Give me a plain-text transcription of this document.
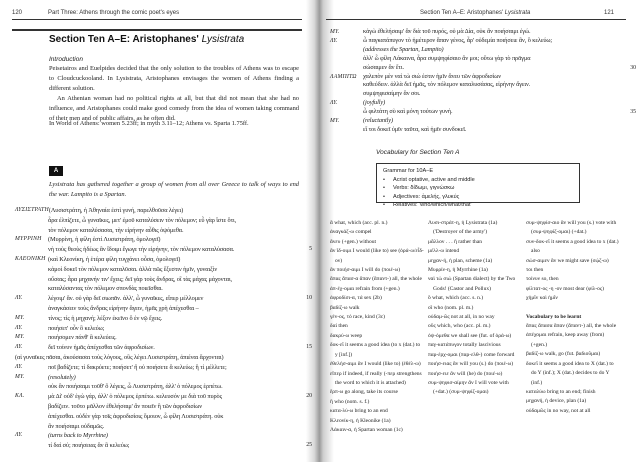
120	Part Three: Athens through the comic poet's eyes
Section Ten A–E: Aristophanes' Lysistrata
Introduction

Peisetairos and Euelpides decided that the only solution to the troubles of Athens was to escape to Cloudcuckooland. In Lysistrata, Aristophanes envisages the women of Athens finding a different solution.

An Athenian woman had no political rights at all, but that did not mean that she had no influence, and Aristophanes could make good comedy from the idea of women taking command of their men and of public affairs, as he often did.

In World of Athens: women 5.23ff; in myth 3.11–12; Athens vs. Sparta 1.75ff.
A
Lysistrata has gathered together a group of women from all over Greece to talk of ways to end the war. Lampito is a Spartan.
ΛΥΣΙΣΤΡΑΤΗ (Λυσιστράτη, ἡ Ἀθηναία ἐστὶ γυνή, παρελθοῦσα λέγει)
ἆρα ἐλπίζετε, ὦ γυναῖκες, μετ' ἐμοῦ καταλύσειν τὸν πόλεμον; εὖ γὰρ ἴστε ὅτι,
τὸν πόλεμον καταλύσασαι, τὴν εἰρήνην αὖθις ὀψόμεθα.
ΜΥΡΡΙΝΗ	(Μυρρίνη, ἡ φίλη ἐστὶ Λυσιστράτη, ὁμολογεῖ)
νὴ τοὺς θεοὺς ἡδέως ἂν ἴδοιμι ἔγωγε τὴν εἰρήνην, τὸν πόλεμον καταλύσασα.	5
ΚΛΕΟΝΙΚΗ (καὶ Κλεονίκη, ἡ ἑτέρα φίλη τυγχάνει οὖσα, ὁμολογεῖ)
κἀμοὶ δοκεῖ τὸν πόλεμον καταλῦσαι. ἀλλὰ πῶς ἔξεστιν ἡμῖν, γυναιξὶν
οὔσαις; ἆρα μηχανήν τιν' ἔχεις; δεῖ γὰρ τοὺς ἄνδρας, οἳ τὰς μάχας μάχονται,
καταλύσαντας τὸν πόλεμον σπονδὰς ποιεῖσθαι.
ΛΥ.	λέγοιμ' ἄν. οὐ γὰρ δεῖ σιωπᾶν. ἀλλ', ὦ γυναῖκες, εἴπερ μέλλομεν	10
ἀναγκάσειν τοὺς ἄνδρας εἰρήνην ἄγειν, ἡμᾶς χρὴ ἀπέχεσθαι –
ΜΥ.	τίνος; τίς ἡ μηχανή; λέξον ἐκεῖνο ὃ ἐν νῷ ἔχεις.
ΛΥ.	ποιήσετ' οὖν ὃ κελεύω;
ΜΥ.	ποιήσομεν πάνθ' ἃ κελεύεις.
ΛΥ.	δεῖ τοίνυν ἡμᾶς ἀπέχεσθαι τῶν ἀφροδισίων.	15
(αἱ γυναῖκες πᾶσαι, ἀκούσασαι τοὺς λόγους, οὓς λέγει Λυσιστράτη, ἀπιέναι ἄρχονται)
ΛΥ.	ποῖ βαδίζετε; τί δακρύετε; ποιήσετ' ἢ οὐ ποιήσετε ἃ κελεύω; ἢ τί μέλλετε;
ΜΥ.	(resolutely)
οὐκ ἂν ποιήσαιμι τοῦθ' ὃ λέγεις, ὦ Λυσιστράτη, ἀλλ' ὁ πόλεμος ἑρπέτω.
ΚΛ.	μὰ Δί' οὐδ' ἐγὼ γάρ, ἀλλ' ὁ πόλεμος ἑρπέτω. κελευσόν με διὰ τοῦ πυρὸς	20
βαδίζειν. τοῦτο μᾶλλον ἐθελήσαιμ' ἂν ποιεῖν ἢ τῶν ἀφροδισίων
ἀπέχεσθαι. οὐδὲν γὰρ τοῖς ἀφροδισίοις ὅμοιον, ὦ φίλη Λυσιστράτη. οὐκ
ἂν ποιήσαιμι οὐδαμῶς.
ΛΥ.	(turns back to Myrrhine)
τί δαὶ σύ; ποιήσειας ἂν ἃ κελεύω;	25
Section Ten A–E: Aristophanes' Lysistrata	121
ΜΥ.	κἀγὼ ἐθελήσαιμ' ἂν διὰ τοῦ πυρός, οὐ μὰ Δία, οὐκ ἂν ποιήσαιμι ἐγώ.
ΛΥ.	ὦ παγκατάπυγον τὸ ἡμέτερον ἅπαν γένος, ἆρ' οὐδεμία ποιήσειε ἂν, ὃ κελεύω;
(addresses the Spartan, Lampito)
ἀλλ' ὦ φίλη Λάκαινα, ἆρα συμψηφίσαιο ἂν μοι; οὕτω γὰρ τὸ πρᾶγμα
σώσαιμεν ἂν ἔτι.	30
ΛΑΜΠΙΤΩ χαλεπὸν μὲν ναὶ τὼ σιὼ ἐστιν ἡμῖν ἄνευ τῶν ἀφροδισίων
καθεύδειν. ἀλλὰ δεῖ ἡμᾶς, τὸν πόλεμον καταλυσάσας, εἰρήνην ἄγειν.
συμψηφισαίμην ἂν σοι.
ΛΥ.	(joyfully)
ὦ φιλτάτη σὺ καὶ μόνη τούτων γυνή.	35
ΜΥ.	(reluctantly)
εἴ τοι δοκεῖ ὑμῖν ταῦτα, καὶ ἡμῖν συνδοκεῖ.
Vocabulary for Section Ten A
Grammar for 10A–E
• Acrist optative, active and middle
• Verbs: δίδωμι, γιγνώσκω
• Adjectives: ἀμελής, γλυκύς
• Relatives: 'who/which/what/that'
ἃ what, which (acc. pl. n.)
ἀναγκάζ-ω compel
ἄνευ (+gen.) without
ἂν ἴδ-οιμι I would (like to) see (ὁρά-ω/εἶδ-ον)
ἂν ποιήσ-αιμι I will do (ποιέ-ω)
ἅπας ἅπασ-α ἅπαν (ἅπαντ-) all, the whole
ἀπ-έχ-ομαι refrain from (+gen.)
ἀφροδίσι-α, τά sex (2b)
βαδίζ-ω walk
γέν-ος, τό race, kind (3c)
δαί then
δακρύ-ω weep
δοκ-εῖ it seems a good idea (to x (dat.) to y [inf.])
ἐθελήσ-αιμι ἂν I would (like to) (ἐθέλ-ω)
εἴπερ if indeed, if really (-περ strengthens the word to which it is attached)
ἕρπ-ω go along, take its course
ἣ who (nom. s. f.)
κατα-λύ-ω bring to an end
Κλεονίκ-η, ἡ Kleonike (1a)
Λάκαιν-α, ἡ Spartan woman (1c)
Λυσι-στράτ-η, ἡ Lysistrata (1a) ('Destroyer of the army')
μᾶλλον . . . ἢ rather than
μέλλ-ω intend
μηχαν-ή, ἡ plan, scheme (1a)
Μυρρίν-η, ἡ Myrrhine (1a)
ναὶ τὼ σιώ (Spartan dialect) by the Two Gods! (Castor and Pollux)
ὃ what, which (acc. s. n.)
οἳ who (nom. pl. m.)
οὐδαμ-ῶς not at all, in no way
οὓς which, who (acc. pl. m.)
ὀψ-όμεθα we shall see (fut. of ὁρά-ω)
παγ-κατάπυγον totally lascivious
παρ-έρχ-ομαι (παρ-ελθ-) come forward
ποιήσ-ειας ἂν will you (s.) do (ποιέ-ω)
ποιήσ-ειε ἂν will (he) do (ποιέ-ω)
συμ-ψηφισ-αίμην ἂν I will vote with (+dat.) (συμ-ψηφίζ-ομαι)
συμ-ψηφίσ-αιο ἂν will you (s.) vote with (συμ-ψηφίζ-ομαι) (+dat.)
συν-δοκ-εῖ it seems a good idea to x (dat.) also
σώσ-αιμεν ἂν we might save (σῴζ-ω)
τοι then
τοίνυν so, then
φίλτατ-ος -η -ον most dear (φίλ-ος)
χἠμῖν καὶ ἡμῖν
Vocabulary to be learnt
ἅπας ἅπασα ἅπαν (ἅπαντ-) all, the whole
ἀπέχομαι refrain, keep away (from) (+gen.)
βαδίζ-ω walk, go (fut. βαδιοῦμαι)
δοκεῖ it seems a good idea to X (dat.) to do Y (inf.); X (dat.) decides to do Y (inf.)
καταλύω bring to an end; finish
μηχανή, ἡ device, plan (1a)
οὐδαμῶς in no way, not at all
